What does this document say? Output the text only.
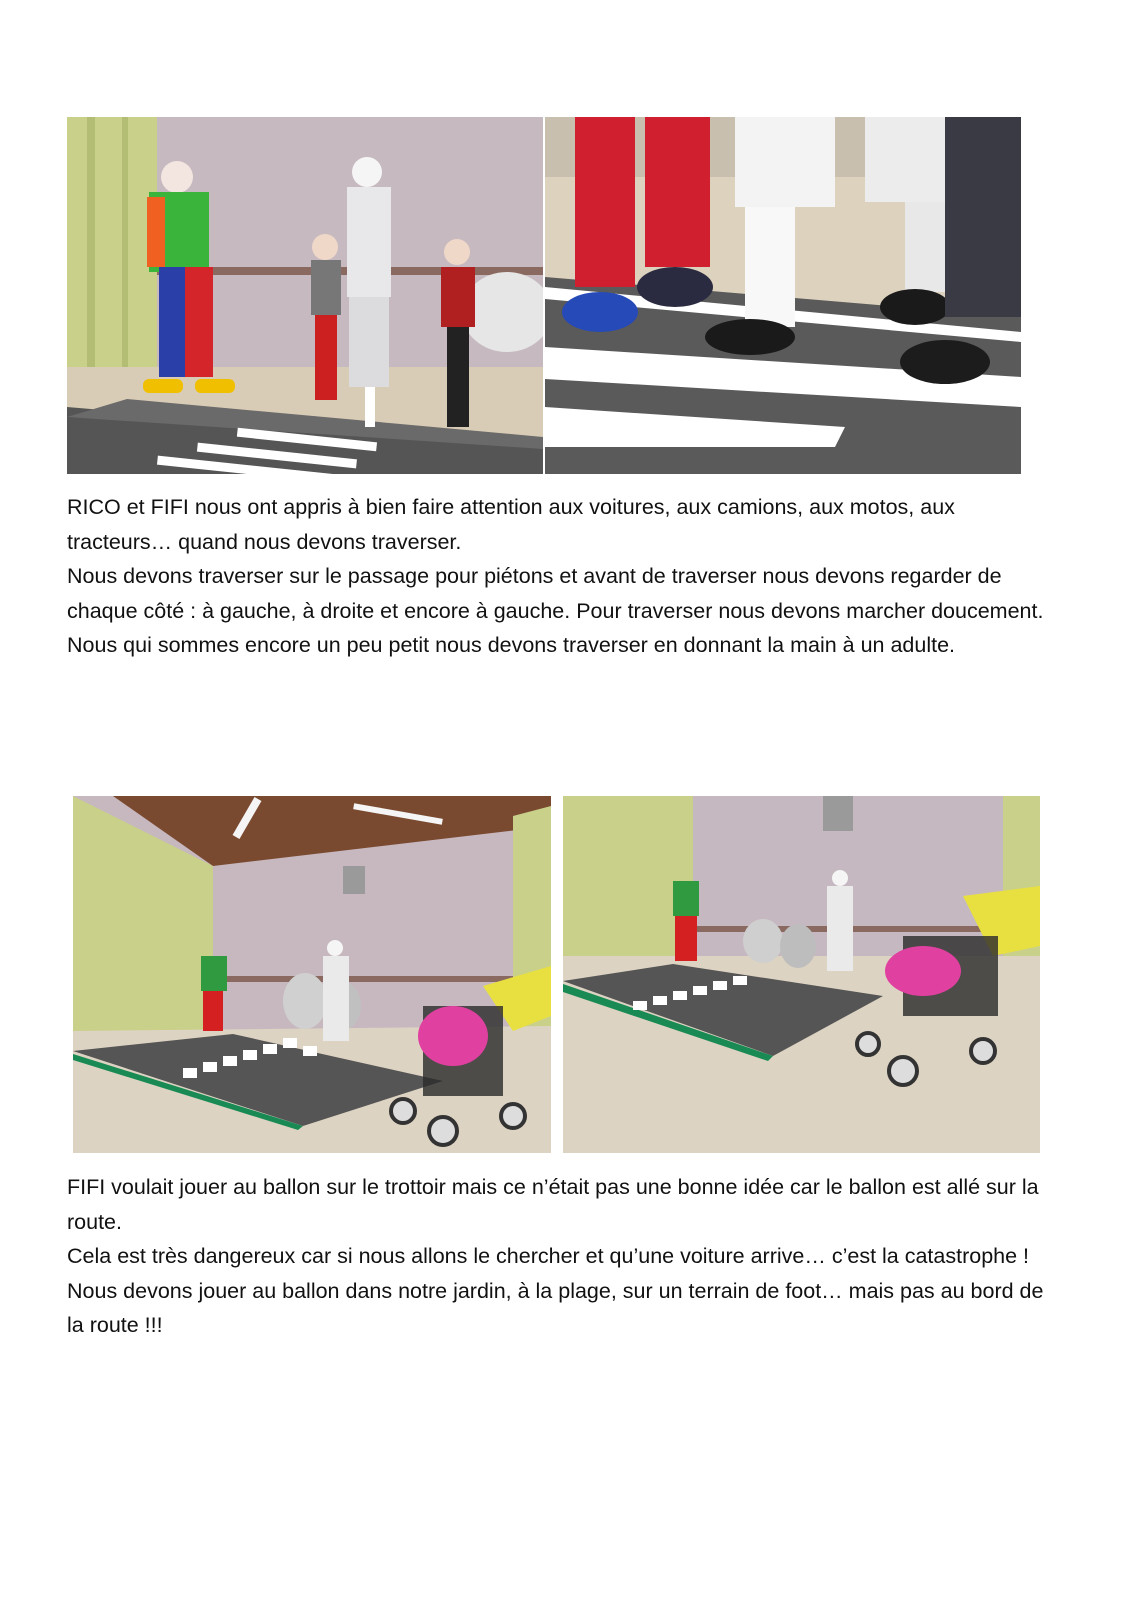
RICO et FIFI nous ont appris à bien faire attention aux voitures, aux camions, aux motos, aux tracteurs… quand nous devons traverser.

Nous devons traverser sur le passage pour piétons et avant de traverser nous devons regarder de chaque côté : à gauche, à droite et encore à gauche. Pour traverser nous devons marcher doucement. Nous qui sommes encore un peu petit nous devons traverser en donnant la main à un adulte.

FIFI voulait jouer au ballon sur le trottoir mais ce n’était pas une bonne idée car le ballon est allé sur la route.

Cela est très dangereux car si nous allons le chercher et qu’une voiture arrive… c’est la catastrophe !

Nous devons jouer au ballon dans notre jardin, à la plage, sur un terrain de foot… mais pas au bord de la route !!!
